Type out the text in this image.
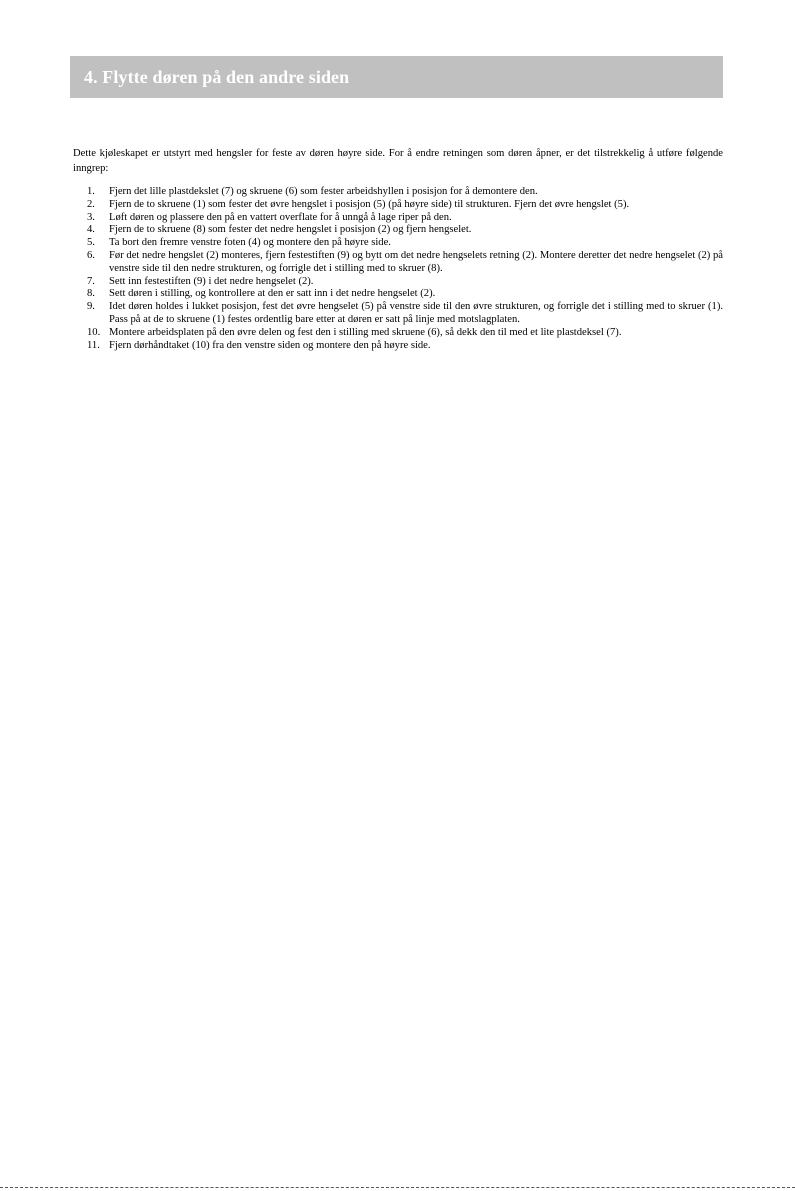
4. Flytte døren på den andre siden

Dette kjøleskapet er utstyrt med hengsler for feste av døren høyre side. For å endre retningen som døren åpner, er det tilstrekkelig å utføre følgende inngrep:

1.	Fjern det lille plastdekslet (7) og skruene (6) som fester arbeidshyllen i posisjon for å demontere den.
2.	Fjern de to skruene (1) som fester det øvre hengslet i posisjon (5) (på høyre side) til strukturen. Fjern det øvre hengslet (5).
3.	Løft døren og plassere den på en vattert overflate for å unngå å lage riper på den.
4.	Fjern de to skruene (8) som fester det nedre hengslet i posisjon (2) og fjern hengselet.
5.	Ta bort den fremre venstre foten (4) og montere den på høyre side.
6.	Før det nedre hengslet (2) monteres, fjern festestiften (9) og bytt om det nedre hengselets retning (2). Montere deretter det nedre hengselet (2) på venstre side til den nedre strukturen, og forrigle det i stilling med to skruer (8).
7.	Sett inn festestiften (9) i det nedre hengselet (2).
8.	Sett døren i stilling, og kontrollere at den er satt inn i det nedre hengselet (2).
9.	Idet døren holdes i lukket posisjon, fest det øvre hengselet (5) på venstre side til den øvre strukturen, og forrigle det i stilling med to skruer (1). Pass på at de to skruene (1) festes ordentlig bare etter at døren er satt på linje med motslagplaten.
10. Montere arbeidsplaten på den øvre delen og fest den i stilling med skruene (6), så dekk den til med et lite plastdeksel (7).
11. Fjern dørhåndtaket (10) fra den venstre siden og montere den på høyre side.
